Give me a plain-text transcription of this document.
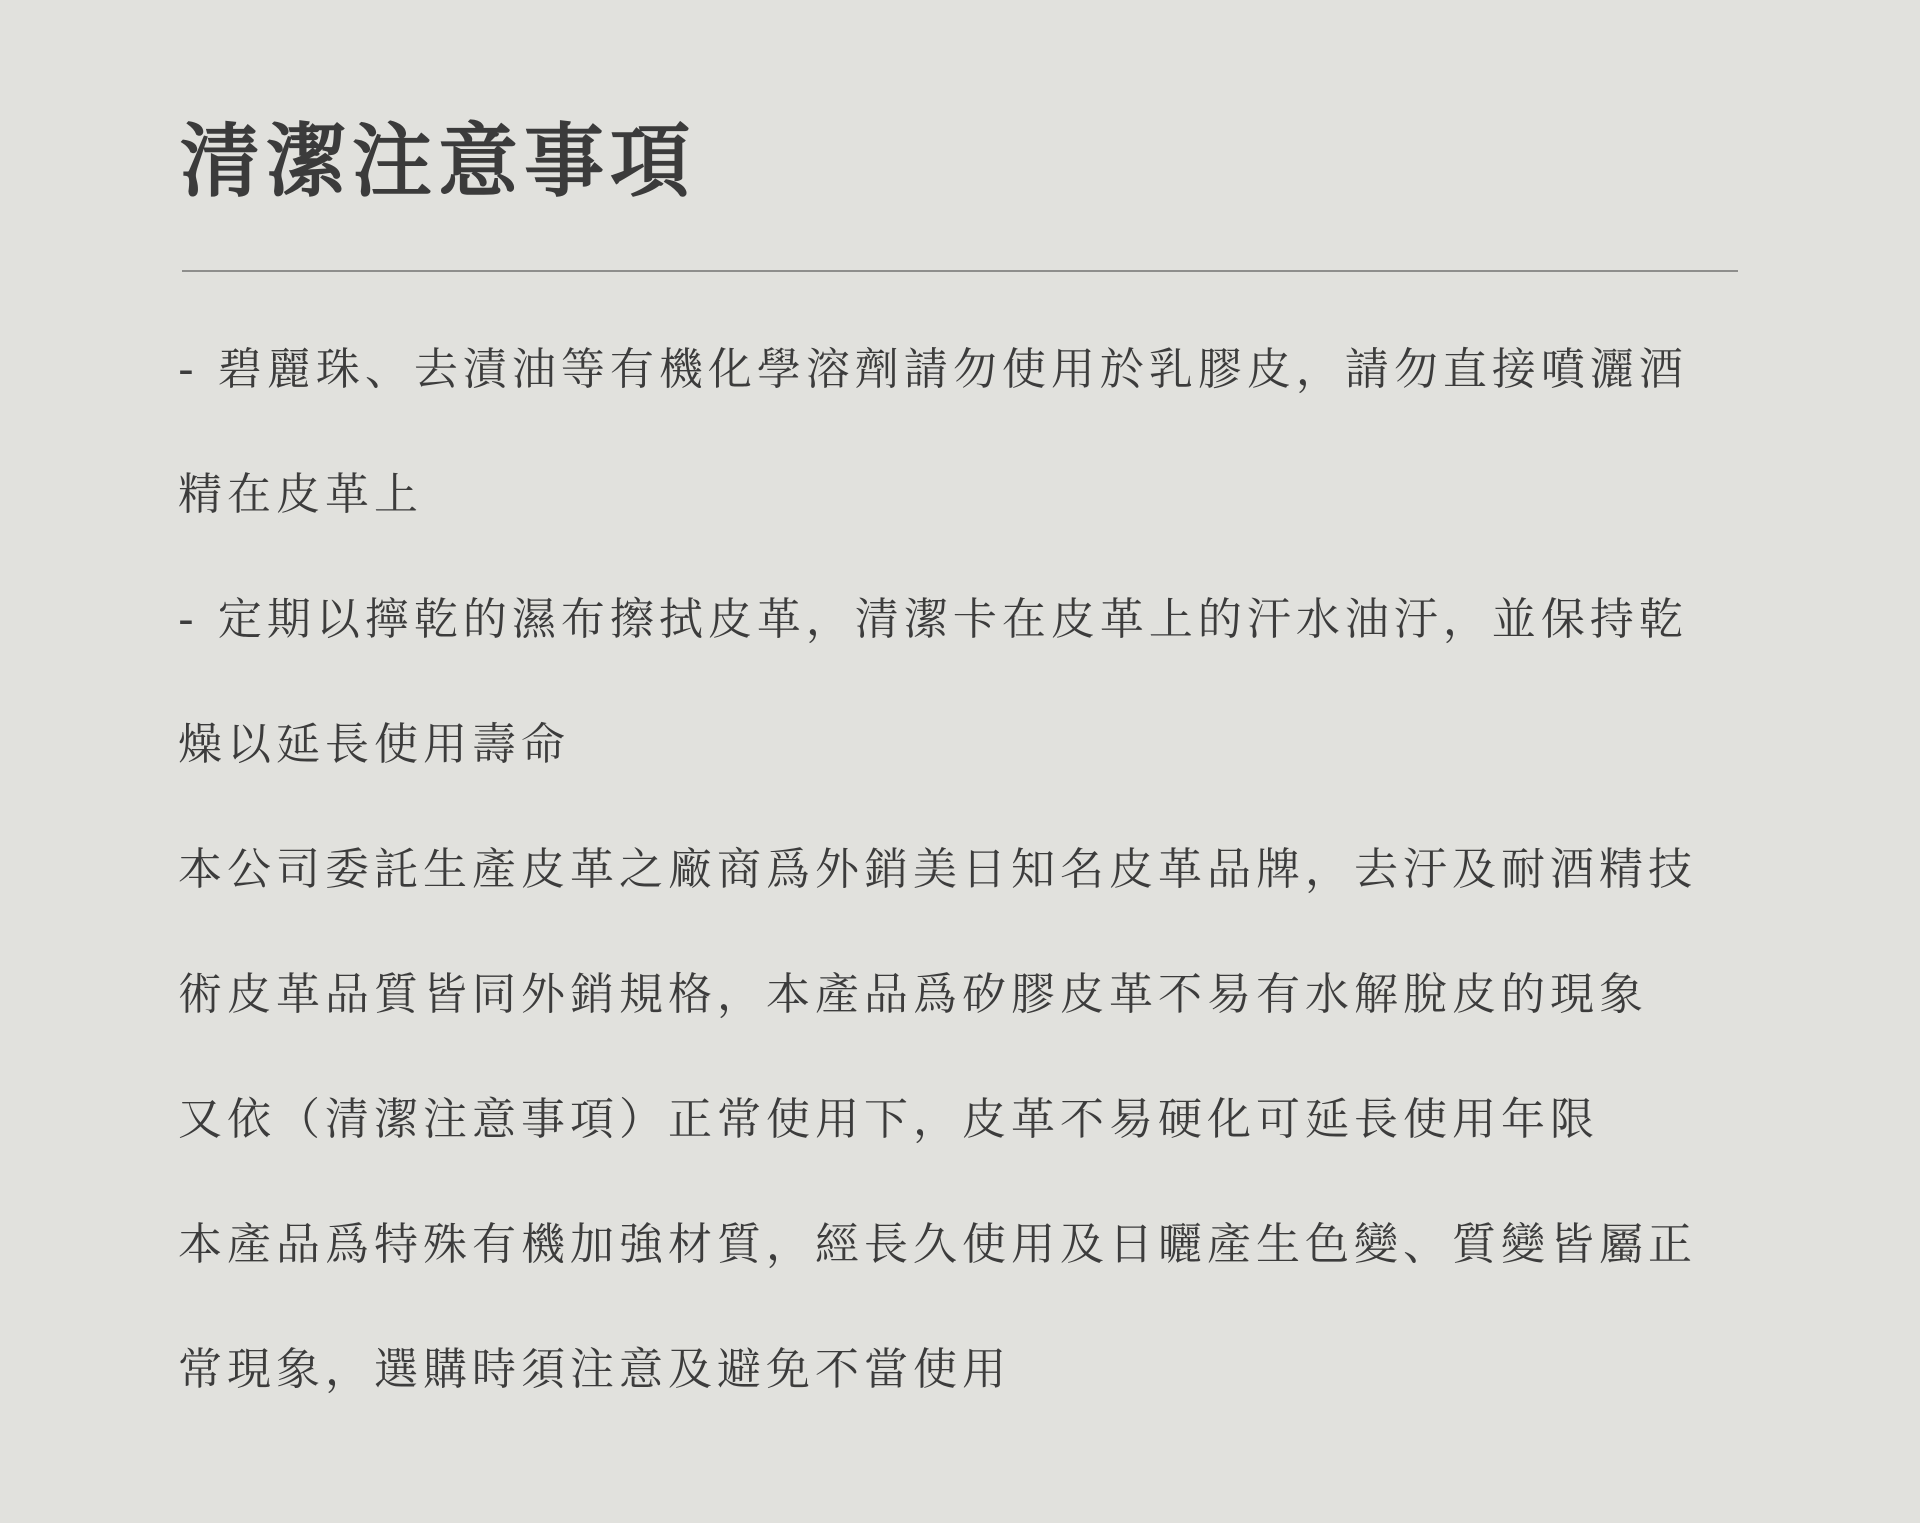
清潔注意事項
- 碧麗珠、去漬油等有機化學溶劑請勿使用於乳膠皮，請勿直接噴灑酒
精在皮革上
- 定期以擰乾的濕布擦拭皮革，清潔卡在皮革上的汗水油汙，並保持乾
燥以延長使用壽命
本公司委託生產皮革之廠商爲外銷美日知名皮革品牌，去汙及耐酒精技
術皮革品質皆同外銷規格，本產品爲矽膠皮革不易有水解脫皮的現象
又依（清潔注意事項）正常使用下，皮革不易硬化可延長使用年限
本產品爲特殊有機加強材質，經長久使用及日曬產生色變、質變皆屬正
常現象，選購時須注意及避免不當使用
